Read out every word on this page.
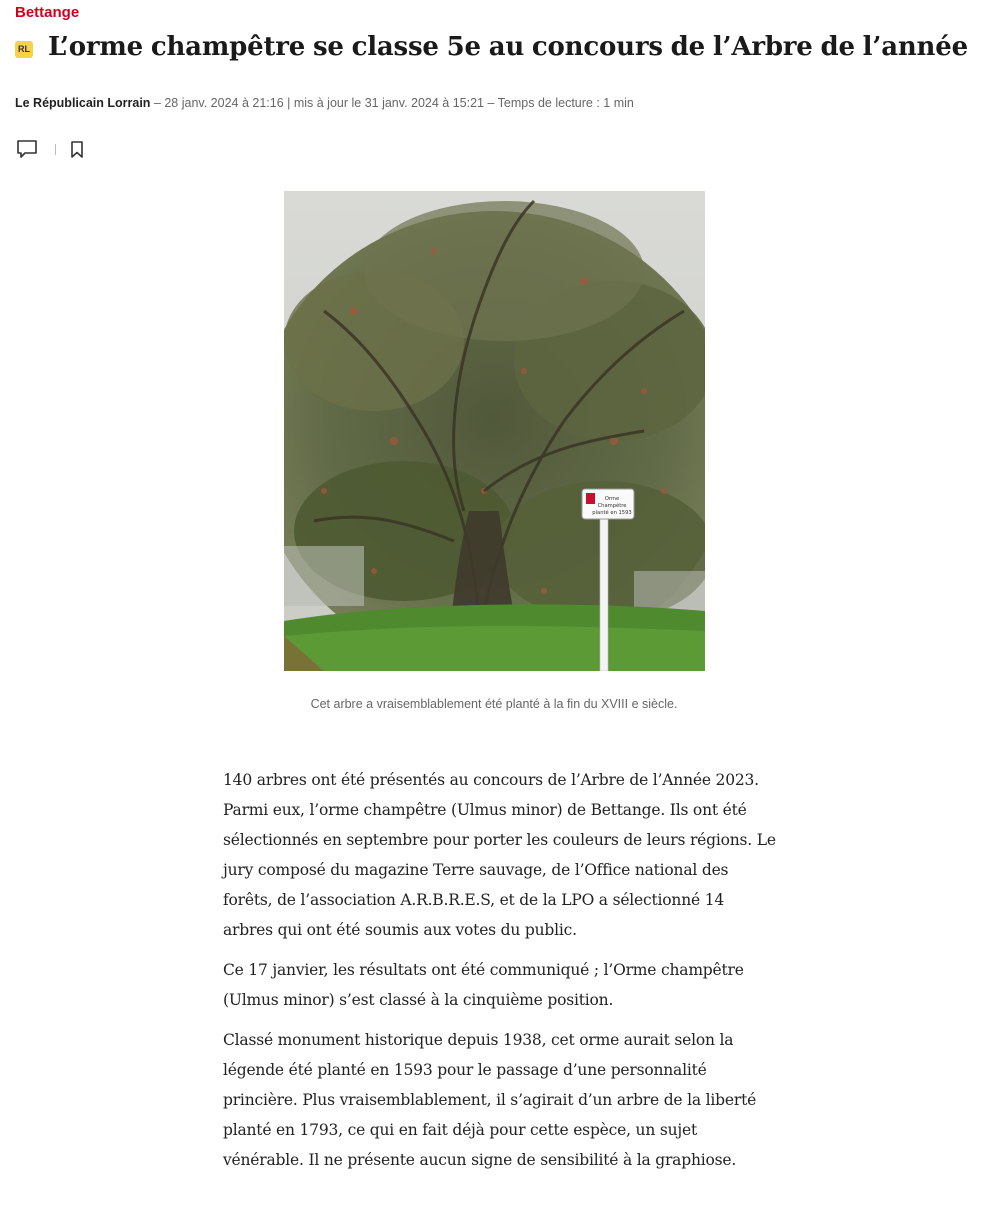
Bettange
RL L’orme champêtre se classe 5e au concours de l’Arbre de l’année
Le Républicain Lorrain – 28 janv. 2024 à 21:16 | mis à jour le 31 janv. 2024 à 15:21 – Temps de lecture : 1 min
Orme
Champêtre
planté en 1593
Cet arbre a vraisemblablement été planté à la fin du XVIII e siècle.

140 arbres ont été présentés au concours de l’Arbre de l’Année 2023. Parmi eux, l’orme champêtre (Ulmus minor) de Bettange. Ils ont été sélectionnés en septembre pour porter les couleurs de leurs régions. Le jury composé du magazine Terre sauvage, de l’Office national des forêts, de l’association A.R.B.R.E.S, et de la LPO a sélectionné 14 arbres qui ont été soumis aux votes du public.

Ce 17 janvier, les résultats ont été communiqué ; l’Orme champêtre (Ulmus minor) s’est classé à la cinquième position.

Classé monument historique depuis 1938, cet orme aurait selon la légende été planté en 1593 pour le passage d’une personnalité princière. Plus vraisemblablement, il s’agirait d’un arbre de la liberté planté en 1793, ce qui en fait déjà pour cette espèce, un sujet vénérable. Il ne présente aucun signe de sensibilité à la graphiose.
